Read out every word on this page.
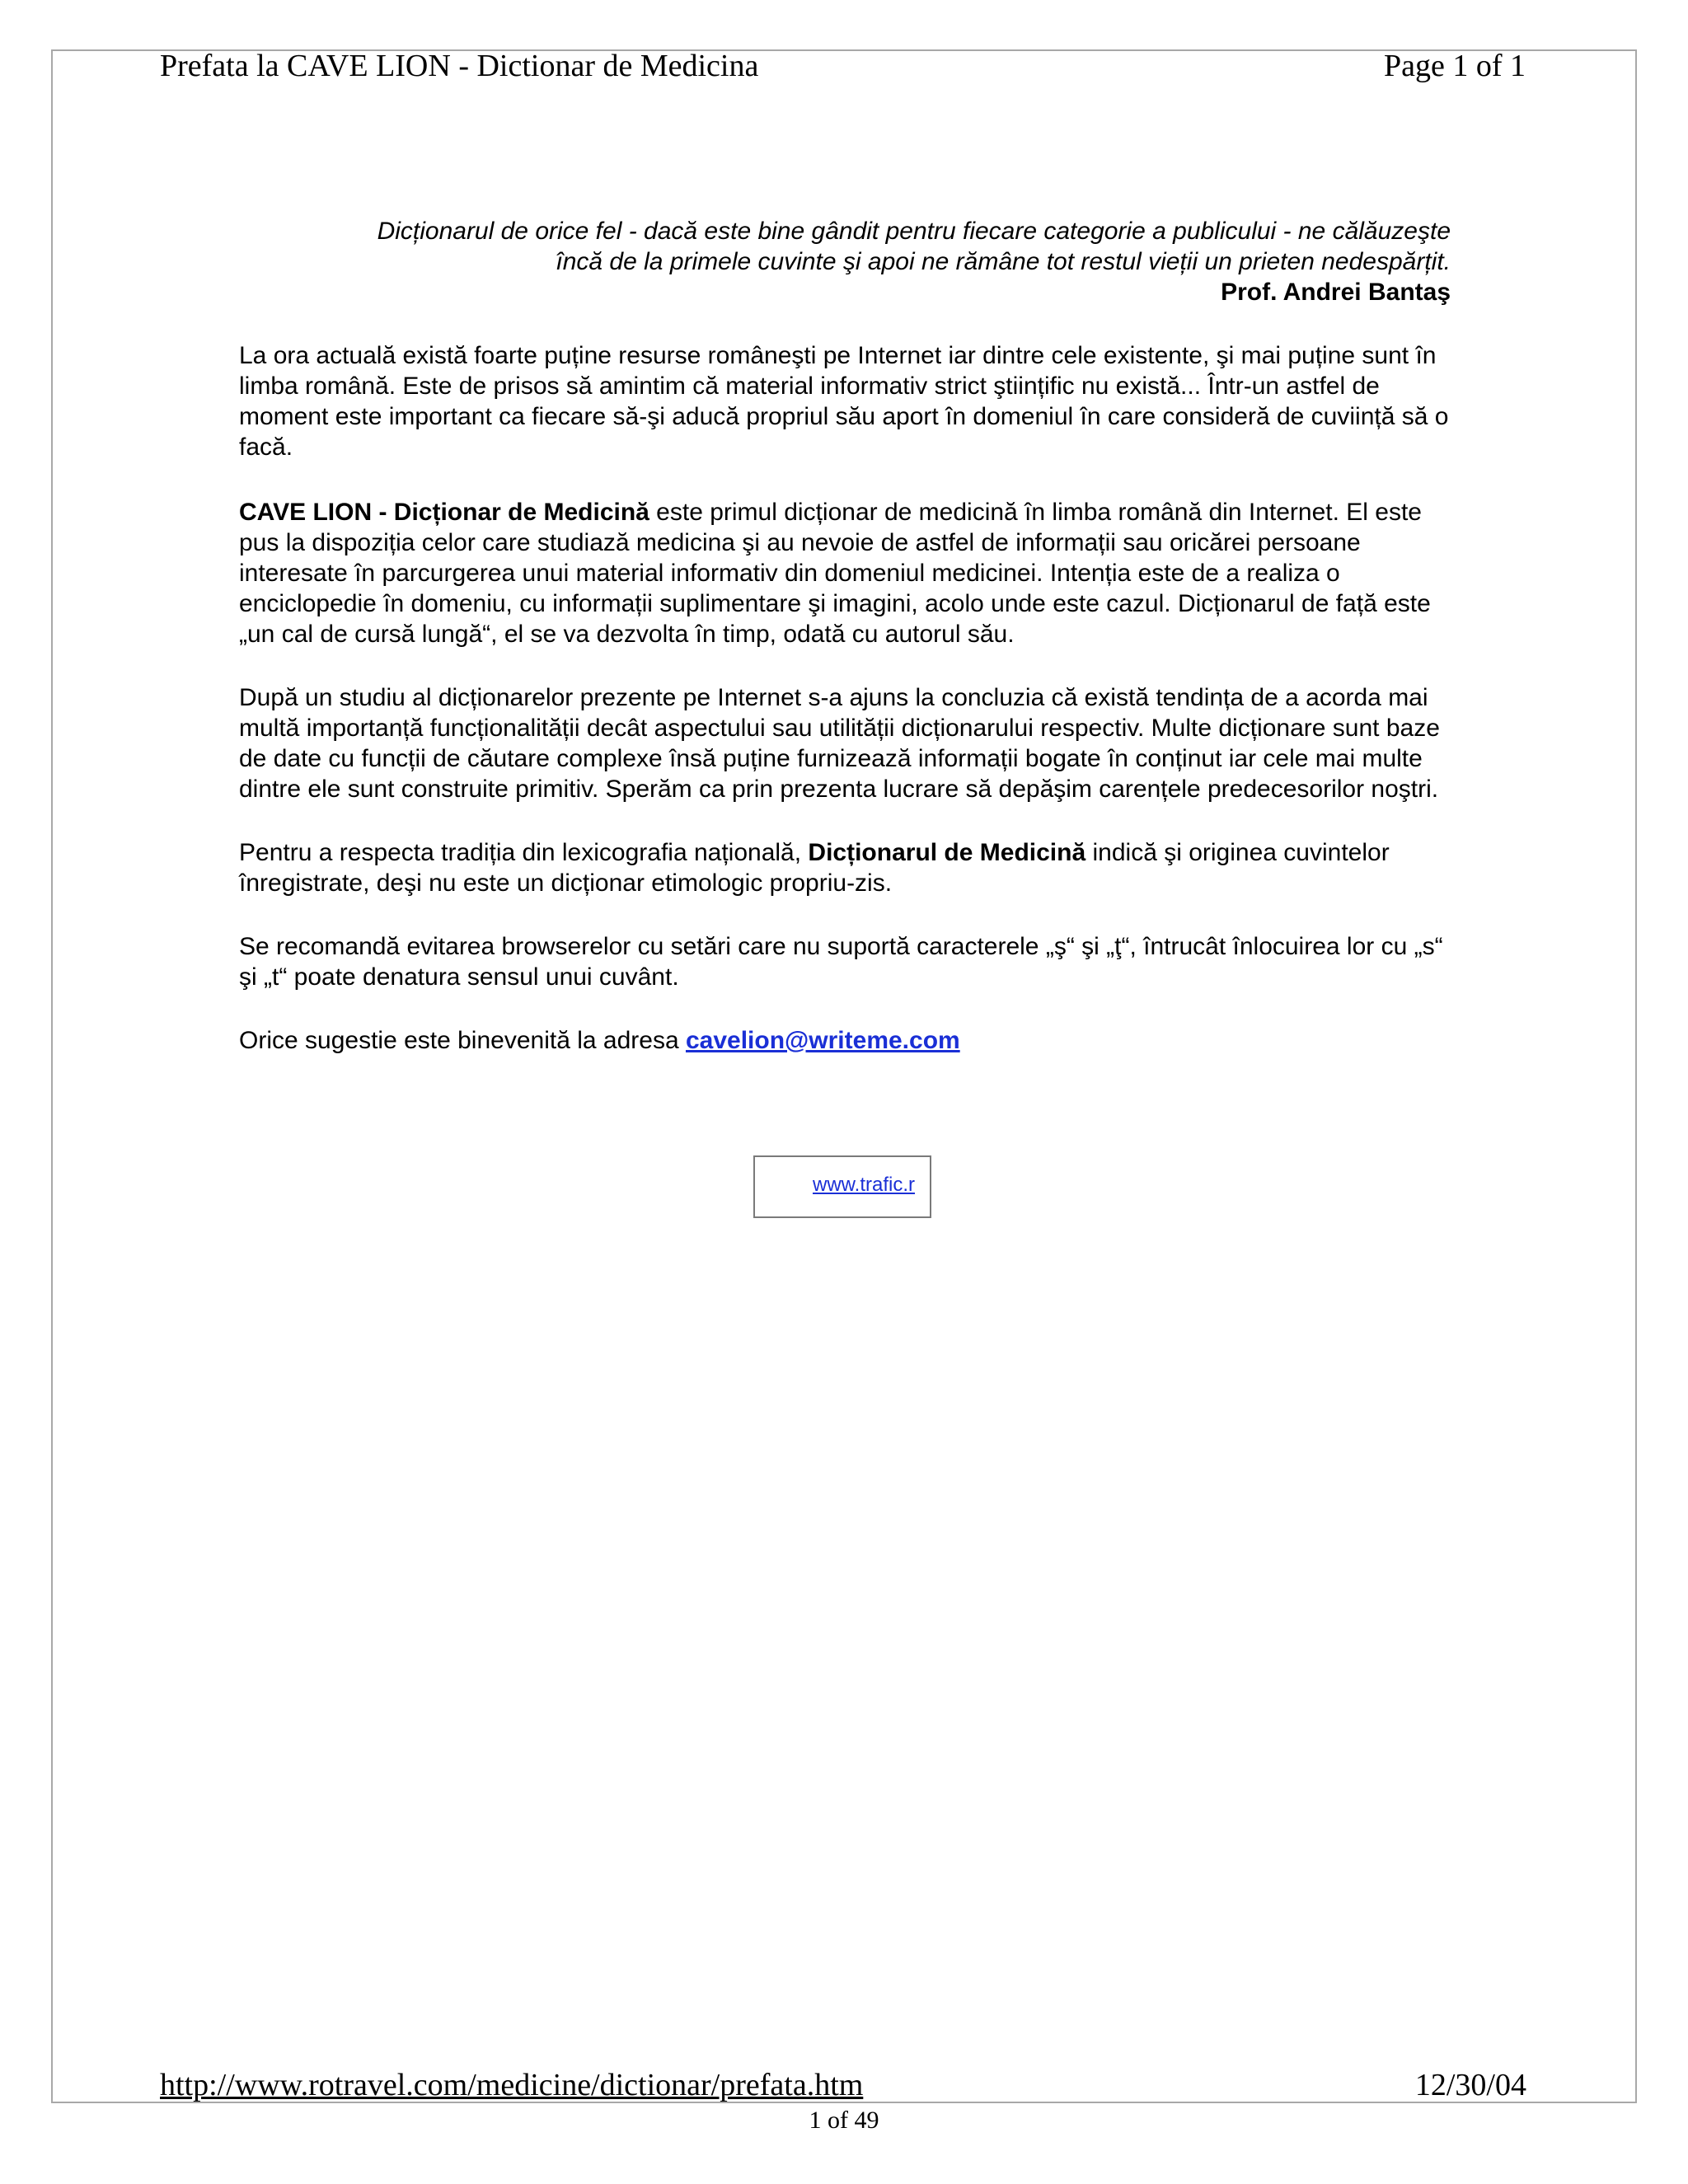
Prefata la CAVE LION - Dictionar de Medicina	Page 1 of 1

Dicționarul de orice fel - dacă este bine gândit pentru fiecare categorie a publicului - ne călăuzeşte
încă de la primele cuvinte şi apoi ne rămâne tot restul vieții un prieten nedespărțit.

Prof. Andrei Bantaş

La ora actuală există foarte puține resurse româneşti pe Internet iar dintre cele existente, şi mai puține sunt în limba română. Este de prisos să amintim că material informativ strict ştiințific nu există... Într-un astfel de moment este important ca fiecare să-şi aducă propriul său aport în domeniul în care consideră de cuviință să o facă.

CAVE LION - Dicționar de Medicină este primul dicționar de medicină în limba română din Internet. El este pus la dispoziția celor care studiază medicina şi au nevoie de astfel de informații sau oricărei persoane interesate în parcurgerea unui material informativ din domeniul medicinei. Intenția este de a realiza o enciclopedie în domeniu, cu informații suplimentare şi imagini, acolo unde este cazul. Dicționarul de față este „un cal de cursă lungă“, el se va dezvolta în timp, odată cu autorul său.

După un studiu al dicționarelor prezente pe Internet s-a ajuns la concluzia că există tendința de a acorda mai multă importanță funcționalității decât aspectului sau utilității dicționarului respectiv. Multe dicționare sunt baze de date cu funcții de căutare complexe însă puține furnizează informații bogate în conținut iar cele mai multe dintre ele sunt construite primitiv. Sperăm ca prin prezenta lucrare să depăşim carențele predecesorilor noştri.

Pentru a respecta tradiția din lexicografia națională, Dicționarul de Medicină indică şi originea cuvintelor înregistrate, deşi nu este un dicționar etimologic propriu-zis.

Se recomandă evitarea browserelor cu setări care nu suportă caracterele „ş“ şi „ţ“, întrucât înlocuirea lor cu „s“ şi „t“ poate denatura sensul unui cuvânt.

Orice sugestie este binevenită la adresa cavelion@writeme.com

www.trafic.r
http://www.rotravel.com/medicine/dictionar/prefata.htm	12/30/04
1 of 49
